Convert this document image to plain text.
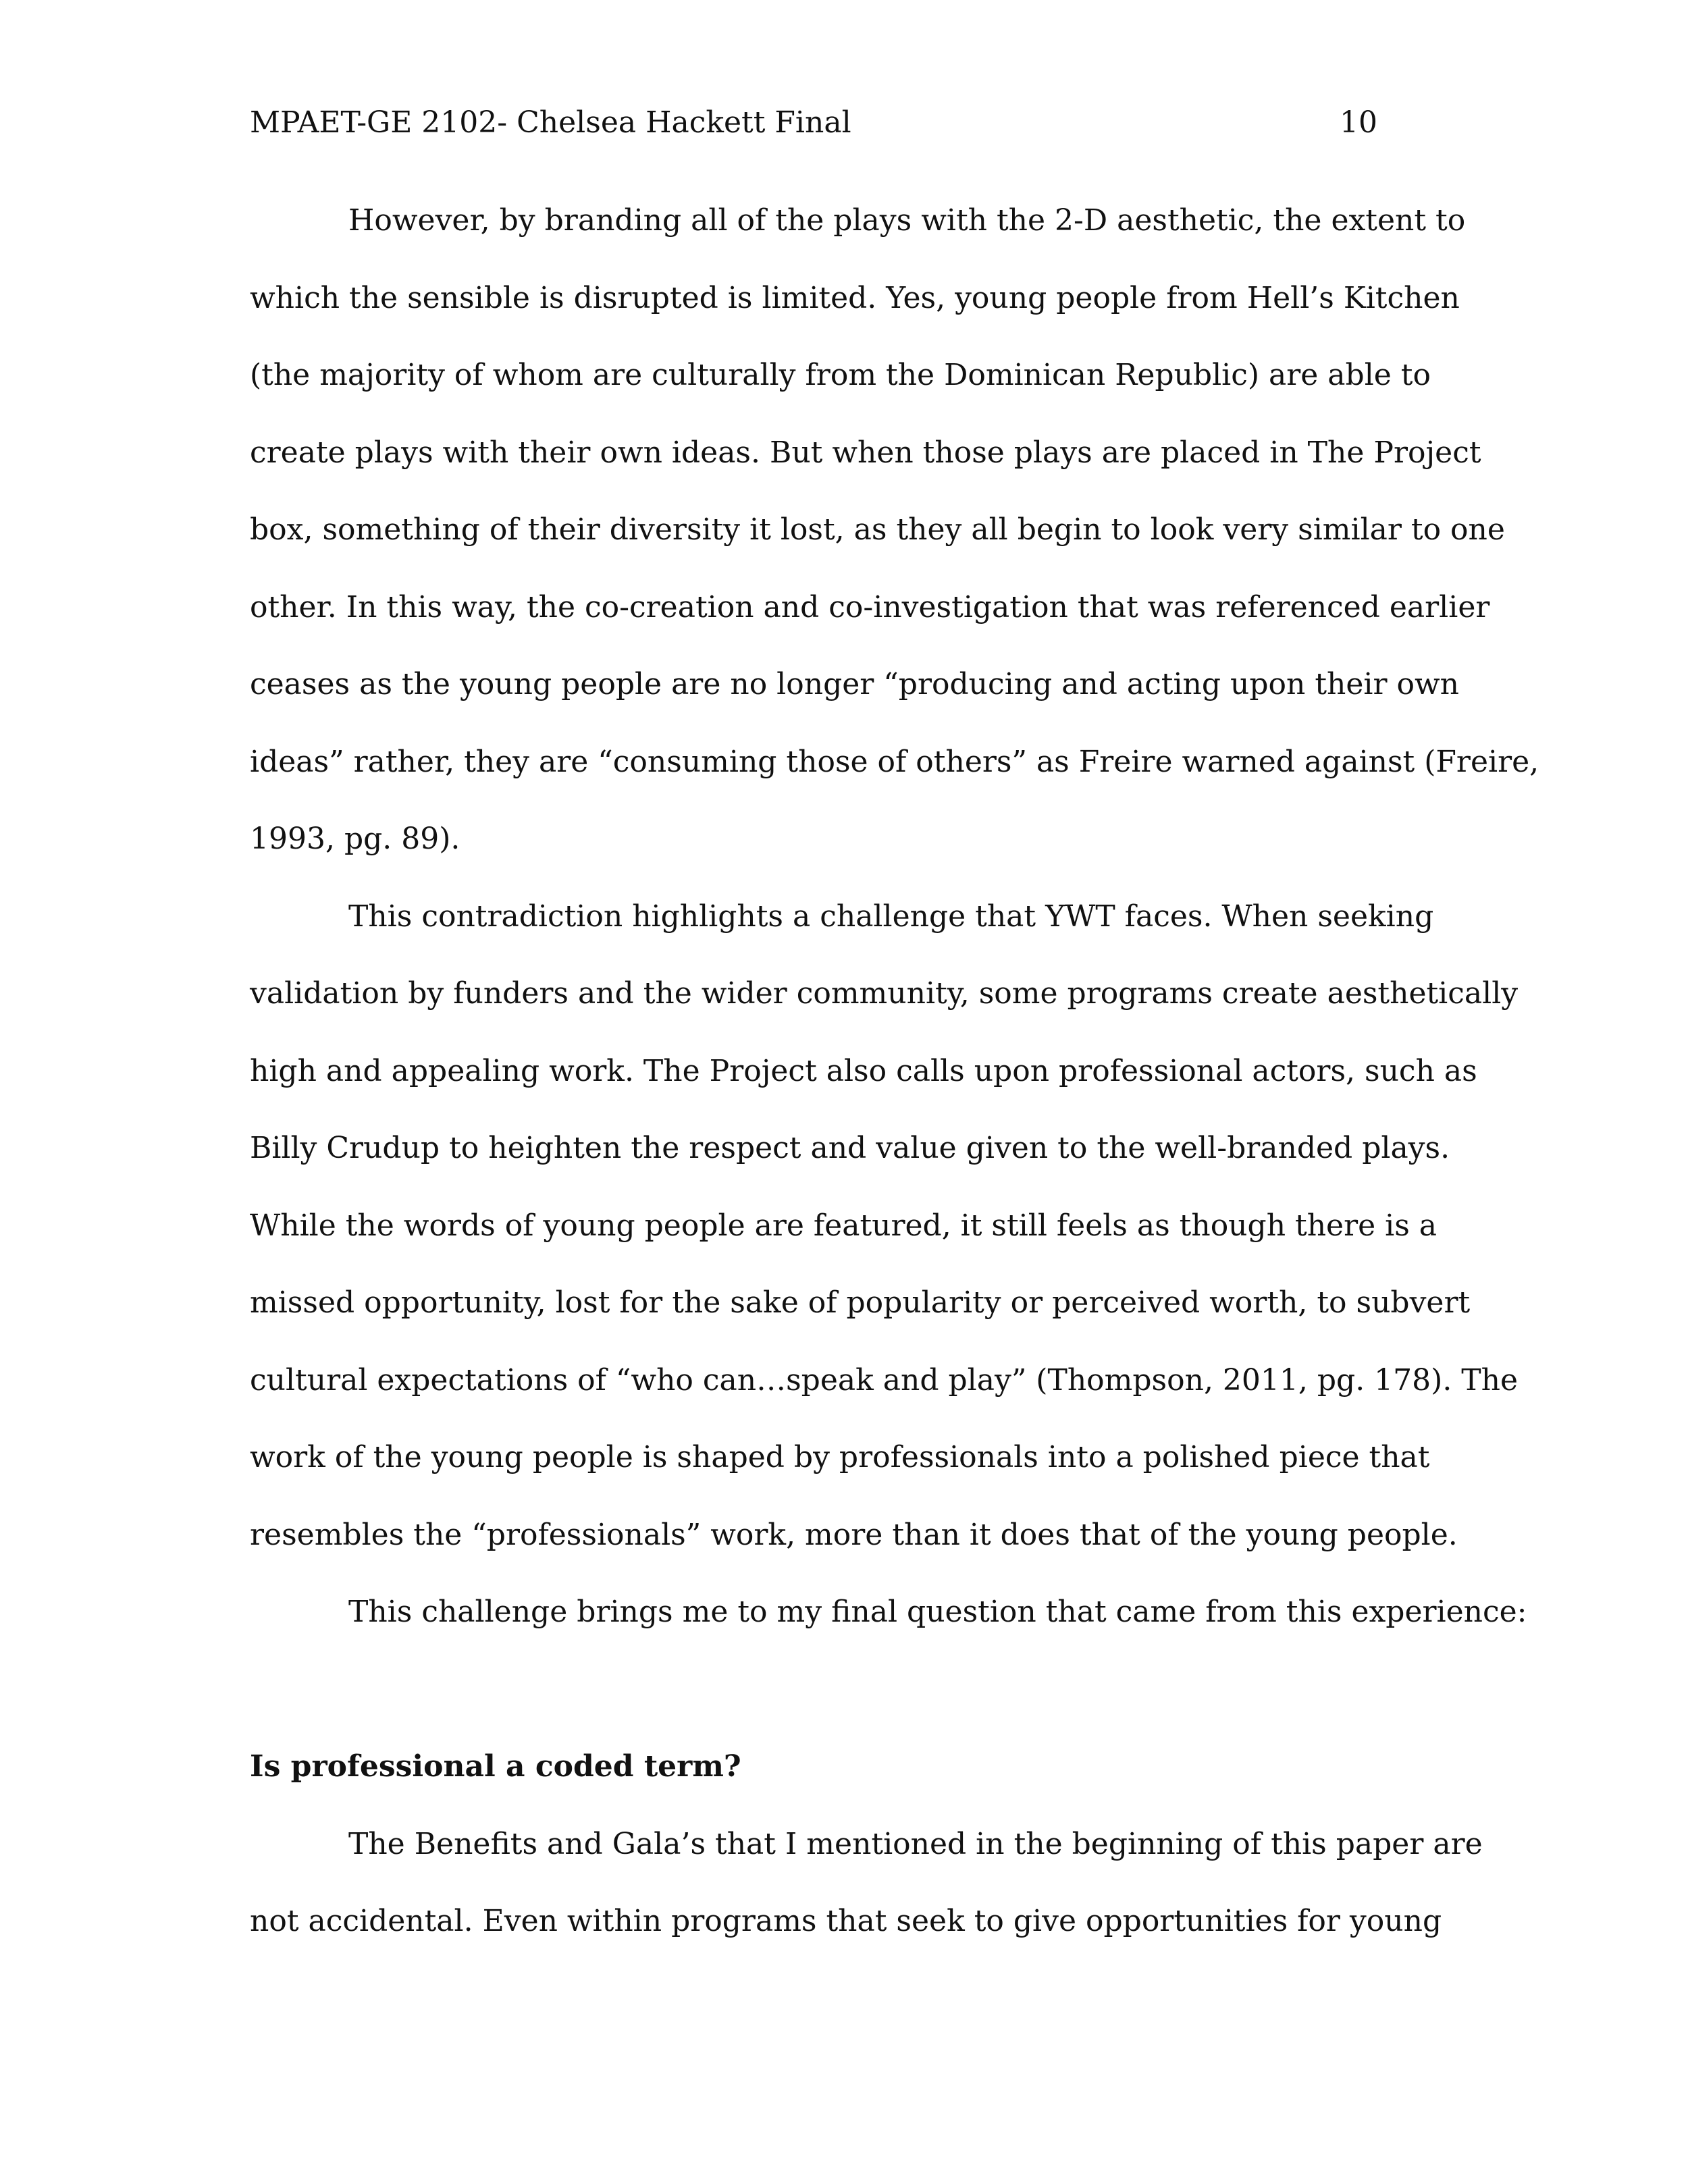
MPAET-GE 2102- Chelsea Hackett Final	10
However, by branding all of the plays with the 2-D aesthetic, the extent to
which the sensible is disrupted is limited. Yes, young people from Hell’s Kitchen
(the majority of whom are culturally from the Dominican Republic) are able to
create plays with their own ideas. But when those plays are placed in The Project
box, something of their diversity it lost, as they all begin to look very similar to one
other. In this way, the co-creation and co-investigation that was referenced earlier
ceases as the young people are no longer “producing and acting upon their own
ideas” rather, they are “consuming those of others” as Freire warned against (Freire,
1993, pg. 89).
This contradiction highlights a challenge that YWT faces. When seeking
validation by funders and the wider community, some programs create aesthetically
high and appealing work. The Project also calls upon professional actors, such as
Billy Crudup to heighten the respect and value given to the well-branded plays.
While the words of young people are featured, it still feels as though there is a
missed opportunity, lost for the sake of popularity or perceived worth, to subvert
cultural expectations of “who can…speak and play” (Thompson, 2011, pg. 178). The
work of the young people is shaped by professionals into a polished piece that
resembles the “professionals” work, more than it does that of the young people.
This challenge brings me to my final question that came from this experience:
Is professional a coded term?
The Benefits and Gala’s that I mentioned in the beginning of this paper are
not accidental. Even within programs that seek to give opportunities for young
